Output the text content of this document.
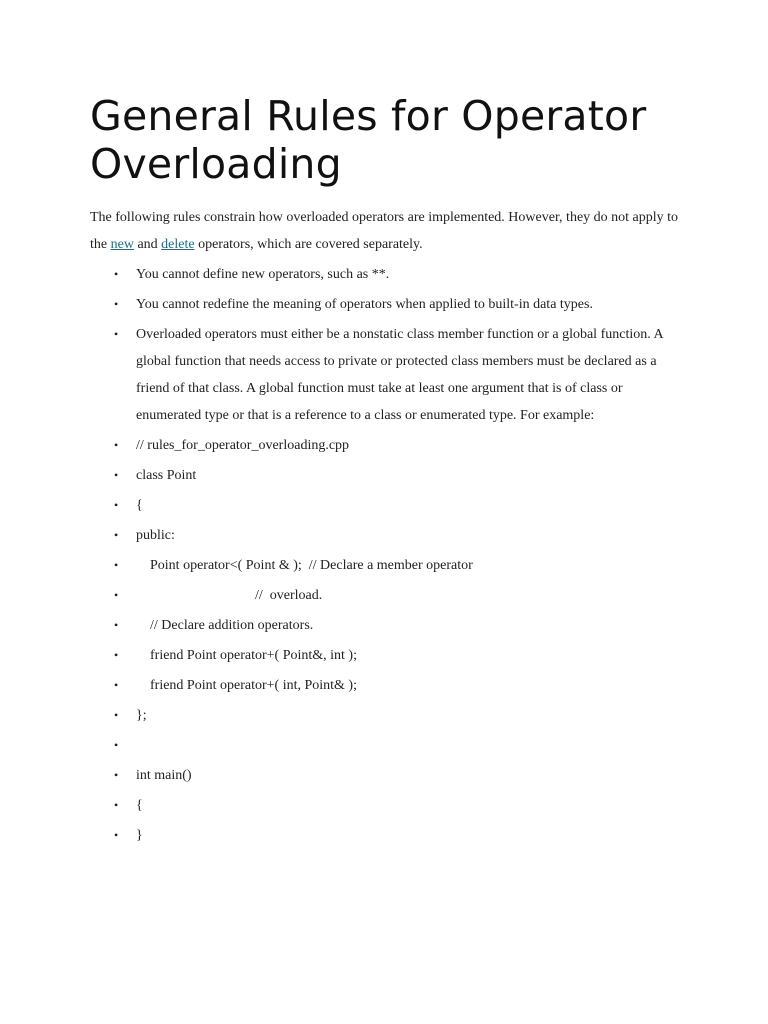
General Rules for Operator Overloading

The following rules constrain how overloaded operators are implemented. However, they do not apply to the new and delete operators, which are covered separately.

• You cannot define new operators, such as **.
• You cannot redefine the meaning of operators when applied to built-in data types.
• Overloaded operators must either be a nonstatic class member function or a global function. A global function that needs access to private or protected class members must be declared as a friend of that class. A global function must take at least one argument that is of class or enumerated type or that is a reference to a class or enumerated type. For example:
• // rules_for_operator_overloading.cpp
• class Point
• {
• public:
• Point operator<( Point & );  // Declare a member operator
• //  overload.
• // Declare addition operators.
• friend Point operator+( Point&, int );
• friend Point operator+( int, Point& );
• };
•
• int main()
• {
• }
